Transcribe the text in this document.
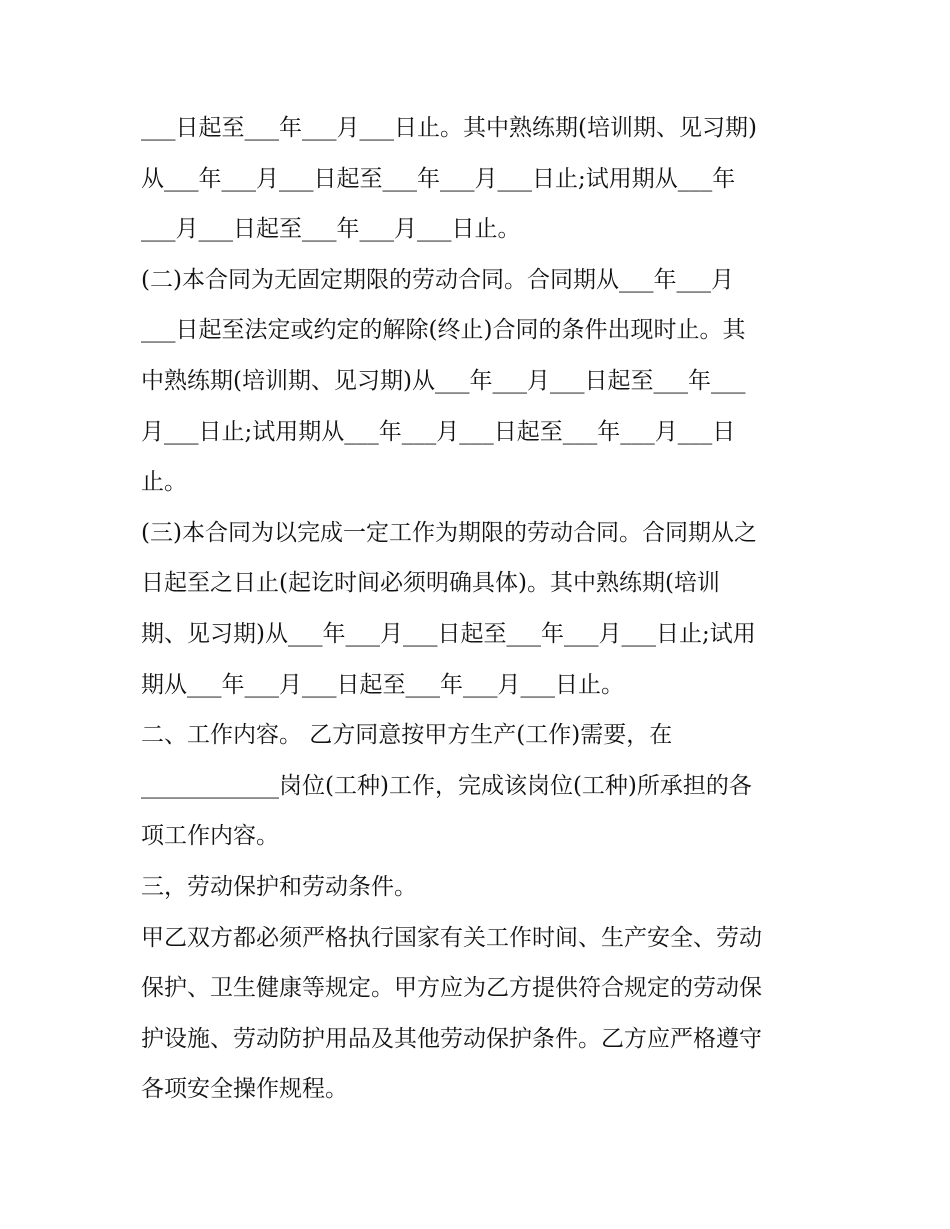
___日起至___年___月___日止。其中熟练期(培训期、见习期)
从___年___月___日起至___年___月___日止;试用期从___年
___月___日起至___年___月___日止。
(二)本合同为无固定期限的劳动合同。合同期从___年___月
___日起至法定或约定的解除(终止)合同的条件出现时止。其
中熟练期(培训期、见习期)从___年___月___日起至___年___
月___日止;试用期从___年___月___日起至___年___月___日
止。
(三)本合同为以完成一定工作为期限的劳动合同。合同期从之
日起至之日止(起讫时间必须明确具体)。其中熟练期(培训
期、见习期)从___年___月___日起至___年___月___日止;试用
期从___年___月___日起至___年___月___日止。
二、工作内容。 乙方同意按甲方生产(工作)需要，在
____________岗位(工种)工作，完成该岗位(工种)所承担的各
项工作内容。
三，劳动保护和劳动条件。
甲乙双方都必须严格执行国家有关工作时间、生产安全、劳动
保护、卫生健康等规定。甲方应为乙方提供符合规定的劳动保
护设施、劳动防护用品及其他劳动保护条件。乙方应严格遵守
各项安全操作规程。
